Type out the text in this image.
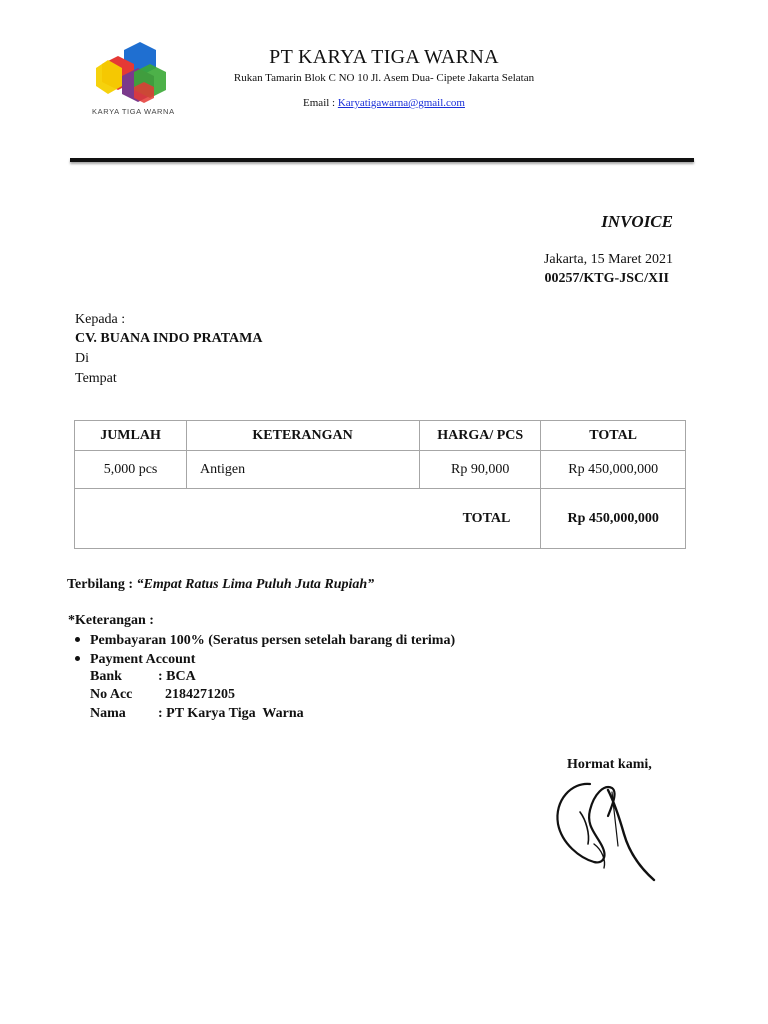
KARYA TIGA WARNA
PT KARYA TIGA WARNA
Rukan Tamarin Blok C NO 10 Jl. Asem Dua- Cipete Jakarta Selatan
Email : Karyatigawarna@gmail.com
INVOICE
Jakarta, 15 Maret 2021
00257/KTG-JSC/XII
Kepada :
CV. BUANA INDO PRATAMA
Di
Tempat
JUMLAH	KETERANGAN	HARGA/ PCS	TOTAL
5,000 pcs	Antigen	Rp 90,000	Rp 450,000,000
TOTAL			Rp 450,000,000
Terbilang : “Empat Ratus Lima Puluh Juta Rupiah”
*Keterangan :
Pembayaran 100% (Seratus persen setelah barang di terima)
Payment Account
Bank	: BCA
No Acc  2184271205
Nama : PT Karya Tiga  Warna
Hormat kami,
